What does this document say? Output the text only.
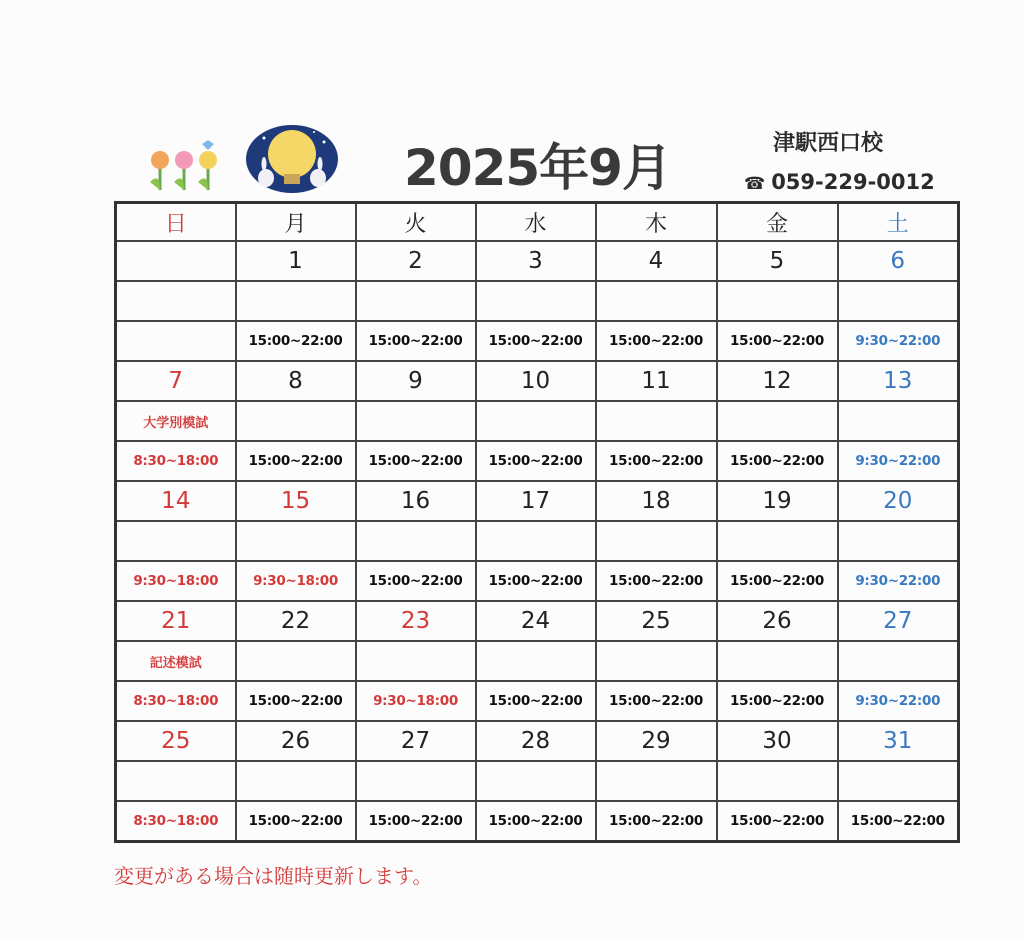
2025年9月	津駅西口校
☎ 059-229-0012
日	月	火	水	木	金	土
	1	2	3	4	5	6

	15:00~22:00	15:00~22:00	15:00~22:00	15:00~22:00	15:00~22:00	9:30~22:00
7	8	9	10	11	12	13
大学別模試						
8:30~18:00	15:00~22:00	15:00~22:00	15:00~22:00	15:00~22:00	15:00~22:00	9:30~22:00
14	15	16	17	18	19	20

9:30~18:00	9:30~18:00	15:00~22:00	15:00~22:00	15:00~22:00	15:00~22:00	9:30~22:00
21	22	23	24	25	26	27
記述模試						
8:30~18:00	15:00~22:00	9:30~18:00	15:00~22:00	15:00~22:00	15:00~22:00	9:30~22:00
25	26	27	28	29	30	31

8:30~18:00	15:00~22:00	15:00~22:00	15:00~22:00	15:00~22:00	15:00~22:00	15:00~22:00
変更がある場合は随時更新します。
